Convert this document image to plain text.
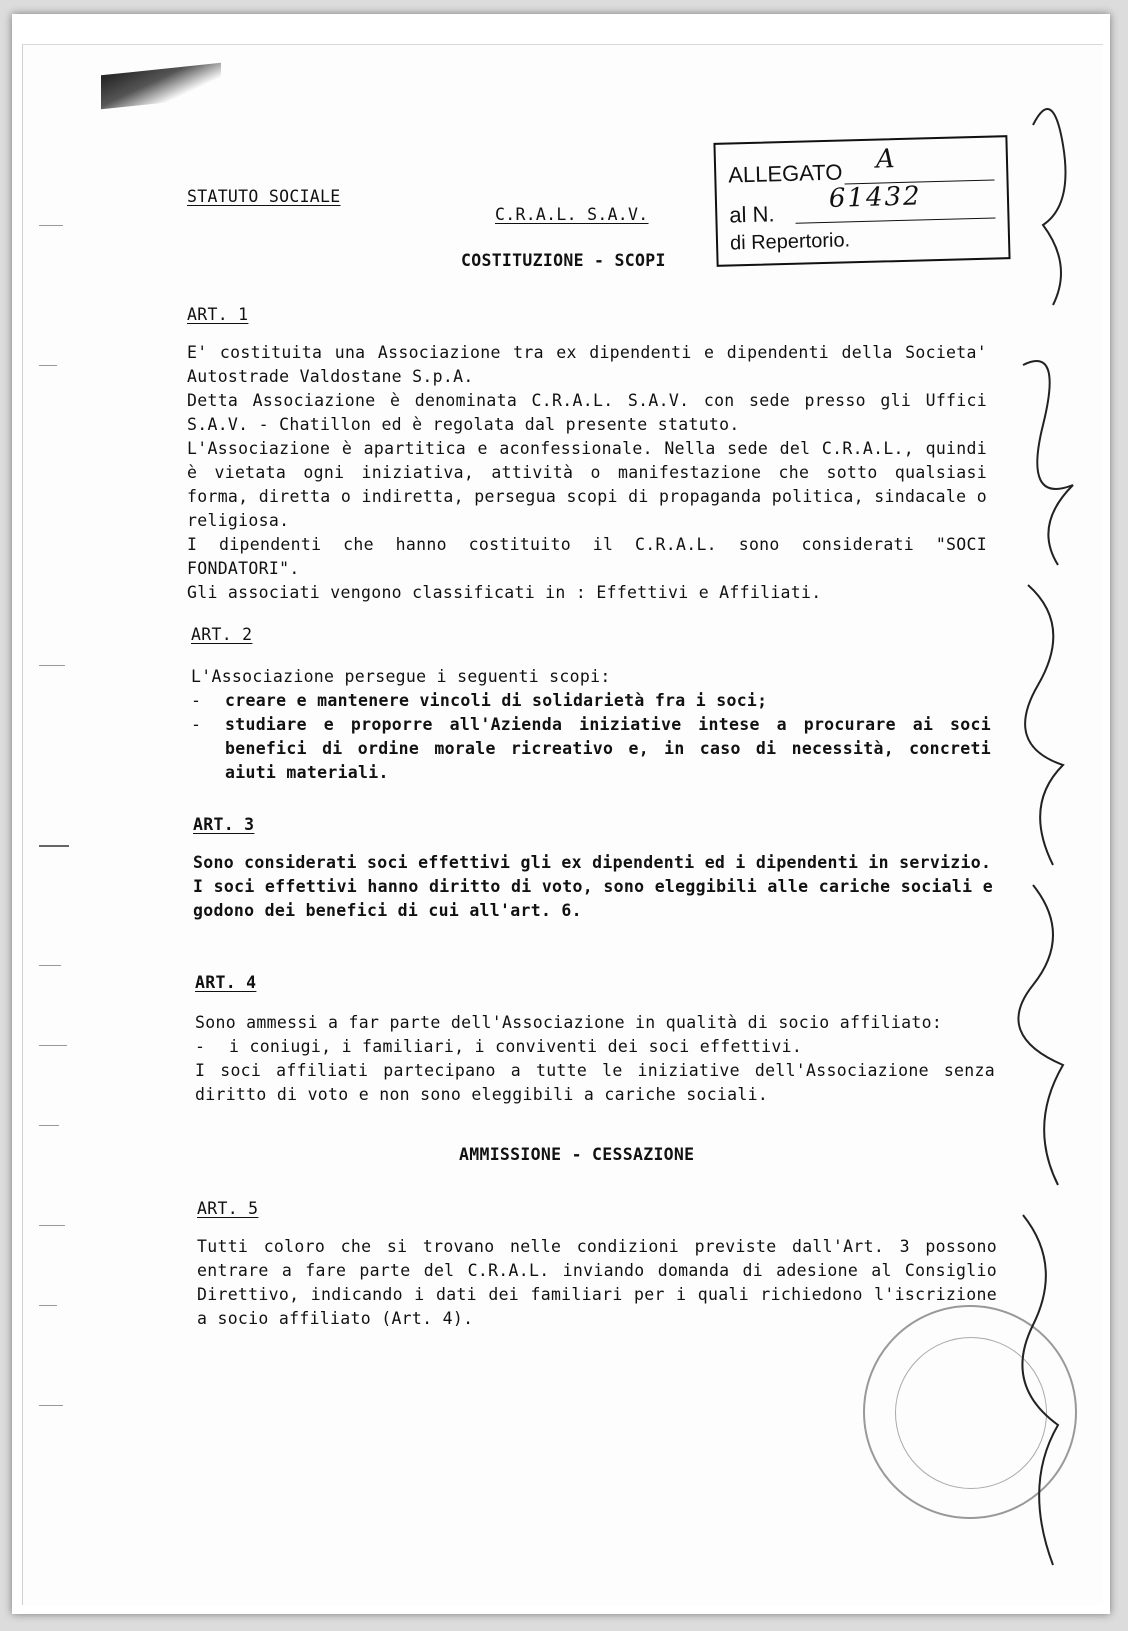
ALLEGATO A
al N.
61432
di Repertorio.
STATUTO SOCIALE
C.R.A.L. S.A.V.
COSTITUZIONE - SCOPI
ART. 1

E' costituita una Associazione tra ex dipendenti e dipendenti della Societa' Autostrade Valdostane S.p.A.

Detta Associazione è denominata C.R.A.L. S.A.V. con sede presso gli Uffici S.A.V. - Chatillon ed è regolata dal presente statuto.

L'Associazione è apartitica e aconfessionale. Nella sede del C.R.A.L., quindi è vietata ogni iniziativa, attività o manifestazione che sotto qualsiasi forma, diretta o indiretta, persegua scopi di propaganda politica, sindacale o religiosa.

I dipendenti che hanno costituito il C.R.A.L. sono considerati "SOCI FONDATORI".

Gli associati vengono classificati in : Effettivi e Affiliati.

ART. 2

L'Associazione persegue i seguenti scopi:

-	creare e mantenere vincoli di solidarietà fra i soci;
-	studiare e proporre all'Azienda iniziative intese a procurare ai soci benefici di ordine morale ricreativo e, in caso di necessità, concreti aiuti materiali.
ART. 3

Sono considerati soci effettivi gli ex dipendenti ed i dipendenti in servizio.

I soci effettivi hanno diritto di voto, sono eleggibili alle cariche sociali e godono dei benefici di cui all'art. 6.

ART. 4

Sono ammessi a far parte dell'Associazione in qualità di socio affiliato:

-	i coniugi, i familiari, i conviventi dei soci effettivi.

I soci affiliati partecipano a tutte le iniziative dell'Associazione senza diritto di voto e non sono eleggibili a cariche sociali.

AMMISSIONE - CESSAZIONE
ART. 5

Tutti coloro che si trovano nelle condizioni previste dall'Art. 3 possono entrare a fare parte del C.R.A.L. inviando domanda di adesione al Consiglio Direttivo, indicando i dati dei familiari per i quali richiedono l'iscrizione a socio affiliato (Art. 4).
